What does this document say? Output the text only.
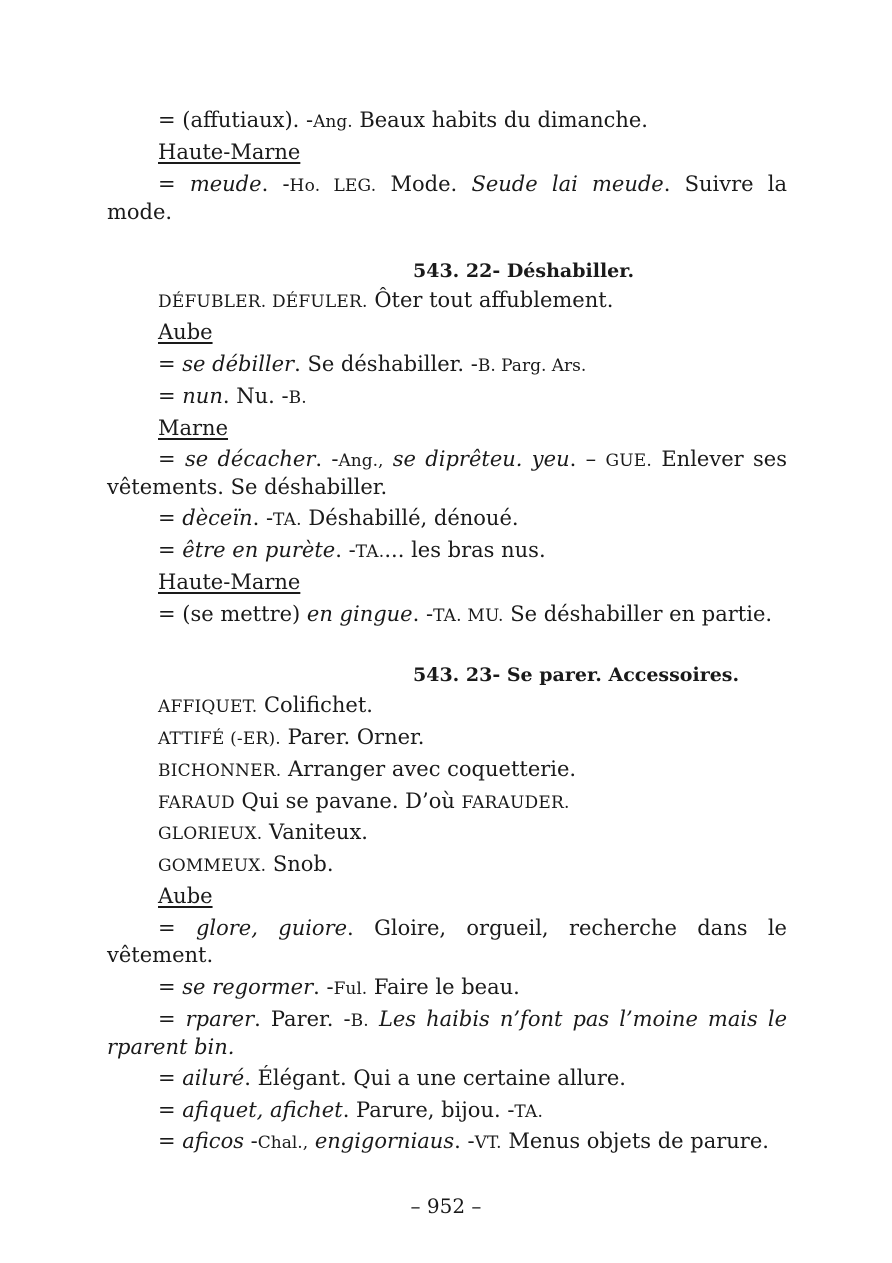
= (affutiaux). -Ang. Beaux habits du dimanche.
Haute-Marne
= meude. -Ho. LEG. Mode. Seude lai meude. Suivre la
mode.
543. 22- Déshabiller.
DÉFUBLER. DÉFULER. Ôter tout affublement.
Aube
= se débiller. Se déshabiller. -B. Parg. Ars.
= nun. Nu. -B.
Marne
= se décacher. -Ang., se diprêteu. yeu. – GUE. Enlever ses
vêtements. Se déshabiller.
= dèceïn. -TA. Déshabillé, dénoué.
= être en purète. -TA.... les bras nus.
Haute-Marne
= (se mettre) en gingue. -TA. MU. Se déshabiller en partie.
543. 23- Se parer. Accessoires.
AFFIQUET. Colifichet.
ATTIFÉ (-ER). Parer. Orner.
BICHONNER. Arranger avec coquetterie.
FARAUD Qui se pavane. D’où FARAUDER.
GLORIEUX. Vaniteux.
GOMMEUX. Snob.
Aube
= glore, guiore. Gloire, orgueil, recherche dans le
vêtement.
= se regormer. -Ful. Faire le beau.
= rparer. Parer. -B. Les haibis n’font pas l’moine mais le
rparent bin.
= ailuré. Élégant. Qui a une certaine allure.
= afiquet, afichet. Parure, bijou. -TA.
= aficos -Chal., engigorniaus. -VT. Menus objets de parure.
– 952 –
